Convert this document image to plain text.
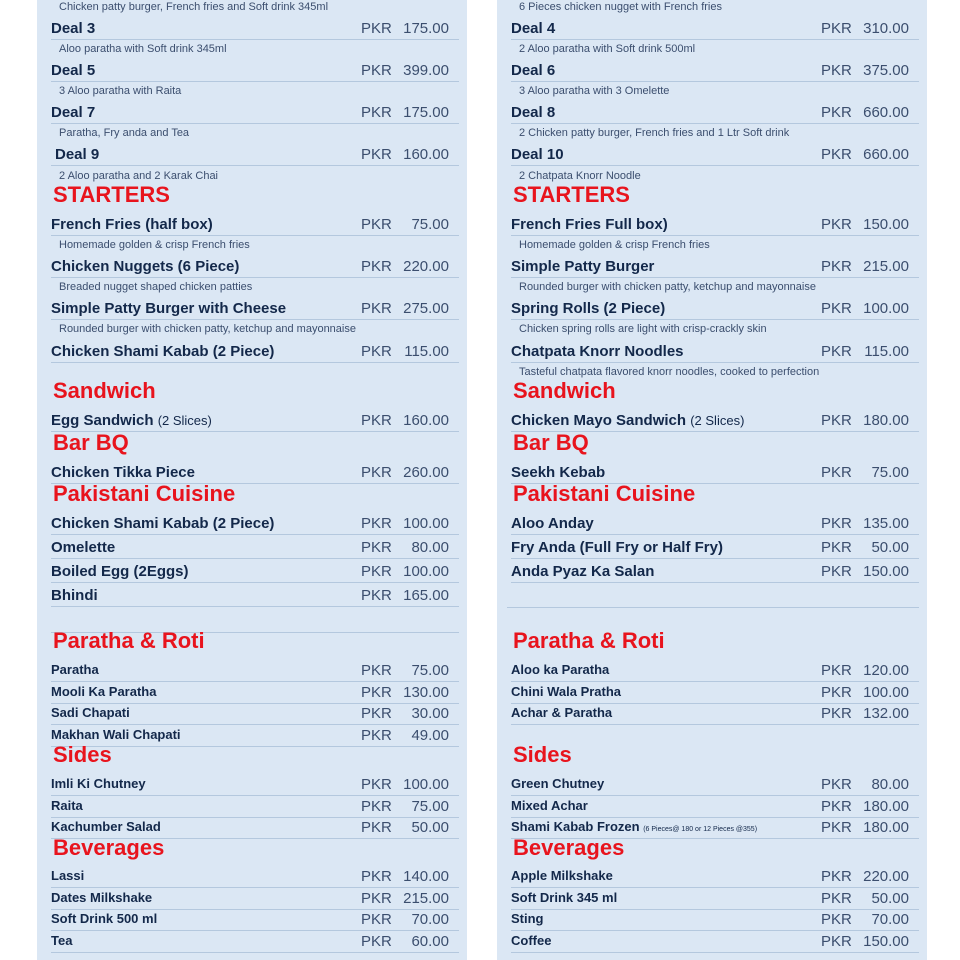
Chicken patty burger, French fries and Soft drink 345ml
Deal 3	PKR 175.00
Aloo paratha with Soft drink 345ml
Deal 5	PKR 399.00
3 Aloo paratha with Raita
Deal 7	PKR 175.00
Paratha, Fry anda and Tea
Deal 9	PKR 160.00
2 Aloo paratha and 2 Karak Chai
STARTERS
French Fries (half box)	PKR 75.00
Homemade golden & crisp French fries
Chicken Nuggets (6 Piece)	PKR 220.00
Breaded nugget shaped chicken patties
Simple Patty Burger with Cheese	PKR 275.00
Rounded burger with chicken patty, ketchup and mayonnaise
Chicken Shami Kabab (2 Piece)	PKR 115.00
Sandwich
Egg Sandwich (2 Slices)	PKR 160.00
Bar BQ
Chicken Tikka Piece	PKR 260.00
Pakistani Cuisine
Chicken Shami Kabab (2 Piece)	PKR 100.00
Omelette	PKR 80.00
Boiled Egg (2Eggs)	PKR 100.00
Bhindi	PKR 165.00
Paratha & Roti
Paratha	PKR 75.00
Mooli Ka Paratha	PKR 130.00
Sadi Chapati	PKR 30.00
Makhan Wali Chapati	PKR 49.00
Sides
Imli Ki Chutney	PKR 100.00
Raita	PKR 75.00
Kachumber Salad	PKR 50.00
Beverages
Lassi	PKR 140.00
Dates Milkshake	PKR 215.00
Soft Drink 500 ml	PKR 70.00
Tea	PKR 60.00
6 Pieces chicken nugget with French fries
Deal 4	PKR 310.00
2 Aloo paratha with Soft drink 500ml
Deal 6	PKR 375.00
3 Aloo paratha with 3 Omelette
Deal 8	PKR 660.00
2 Chicken patty burger, French fries and 1 Ltr Soft drink
Deal 10	PKR 660.00
2 Chatpata Knorr Noodle
STARTERS
French Fries Full box)	PKR 150.00
Homemade golden & crisp French fries
Simple Patty Burger	PKR 215.00
Rounded burger with chicken patty, ketchup and mayonnaise
Spring Rolls (2 Piece)	PKR 100.00
Chicken spring rolls are light with crisp-crackly skin
Chatpata Knorr Noodles	PKR 115.00
Tasteful chatpata flavored knorr noodles, cooked to perfection
Sandwich
Chicken Mayo Sandwich (2 Slices)	PKR 180.00
Bar BQ
Seekh Kebab	PKR 75.00
Pakistani Cuisine
Aloo Anday	PKR 135.00
Fry Anda (Full Fry or Half Fry)	PKR 50.00
Anda Pyaz Ka Salan	PKR 150.00
Paratha & Roti
Aloo ka Paratha	PKR 120.00
Chini Wala Pratha	PKR 100.00
Achar & Paratha	PKR 132.00
Sides
Green Chutney	PKR 80.00
Mixed Achar	PKR 180.00
Shami Kabab Frozen (6 Pieces@ 180 or 12 Pieces @355)	PKR 180.00
Beverages
Apple Milkshake	PKR 220.00
Soft Drink 345 ml	PKR 50.00
Sting	PKR 70.00
Coffee	PKR 150.00
